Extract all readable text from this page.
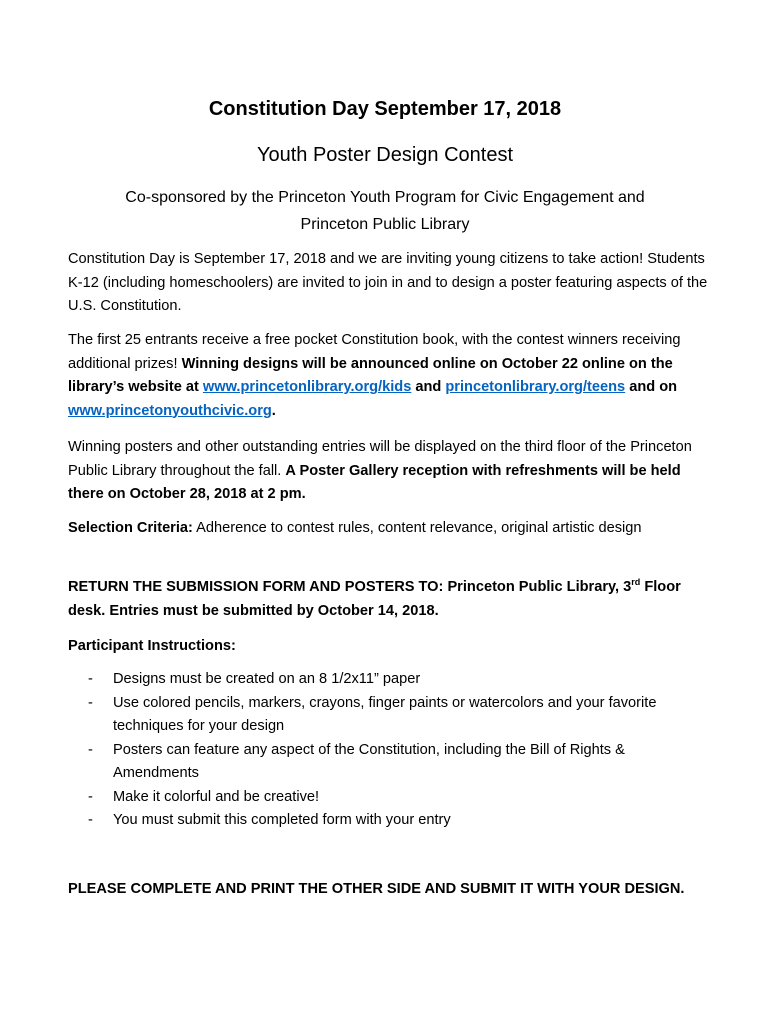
Constitution Day September 17, 2018
Youth Poster Design Contest
Co-sponsored by the Princeton Youth Program for Civic Engagement and
Princeton Public Library
Constitution Day is September 17, 2018 and we are inviting young citizens to take action! Students K-12 (including homeschoolers) are invited to join in and to design a poster featuring aspects of the U.S. Constitution.
The first 25 entrants receive a free pocket Constitution book, with the contest winners receiving additional prizes! Winning designs will be announced online on October 22 online on the library’s website at www.princetonlibrary.org/kids and princetonlibrary.org/teens and on www.princetonyouthcivic.org.
Winning posters and other outstanding entries will be displayed on the third floor of the Princeton Public Library throughout the fall. A Poster Gallery reception with refreshments will be held there on October 28, 2018 at 2 pm.
Selection Criteria: Adherence to contest rules, content relevance, original artistic design
RETURN THE SUBMISSION FORM AND POSTERS TO: Princeton Public Library, 3rd Floor desk. Entries must be submitted by October 14, 2018.
Participant Instructions:
- Designs must be created on an 8 1/2x11” paper
- Use colored pencils, markers, crayons, finger paints or watercolors and your favorite techniques for your design
- Posters can feature any aspect of the Constitution, including the Bill of Rights & Amendments
- Make it colorful and be creative!
- You must submit this completed form with your entry
PLEASE COMPLETE AND PRINT THE OTHER SIDE AND SUBMIT IT WITH YOUR DESIGN.
